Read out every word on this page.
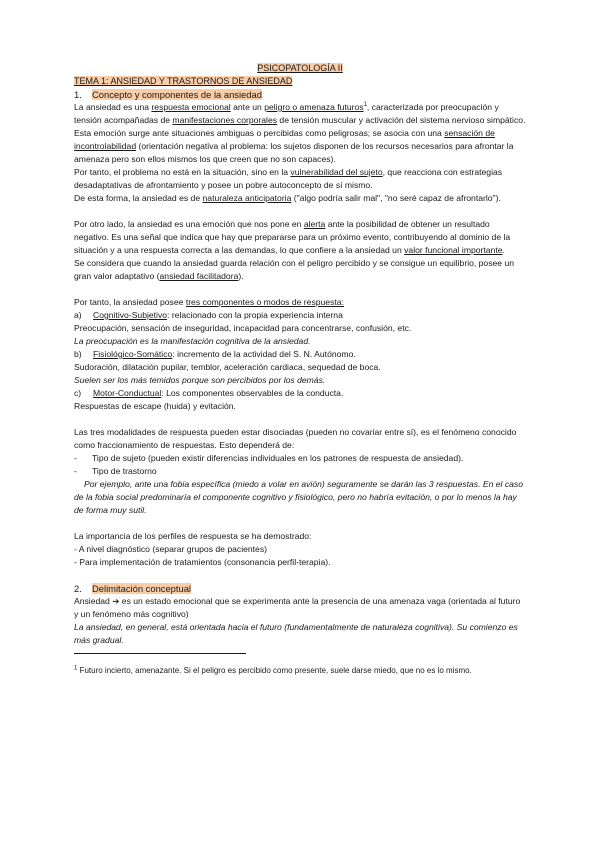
PSICOPATOLOGÍA II

TEMA 1: ANSIEDAD Y TRASTORNOS DE ANSIEDAD

1. Concepto y componentes de la ansiedad

La ansiedad es una respuesta emocional ante un peligro o amenaza futuros$^1$, caracterizada por preocupación y tensión acompañadas de manifestaciones corporales de tensión muscular y activación del sistema nervioso simpático.

Esta emoción surge ante situaciones ambiguas o percibidas como peligrosas; se asocia con una sensación de incontrolabilidad (orientación negativa al problema: los sujetos disponen de los recursos necesarios para afrontar la amenaza pero son ellos mismos los que creen que no son capaces).

Por tanto, el problema no está en la situación, sino en la vulnerabilidad del sujeto, que reacciona con estrategias desadaptativas de afrontamiento y posee un pobre autoconcepto de sí mismo.

De esta forma, la ansiedad es de naturaleza anticipatoria ("algo podría salir mal", "no seré capaz de afrontarlo").

Por otro lado, la ansiedad es una emoción que nos pone en alerta ante la posibilidad de obtener un resultado negativo. Es una señal que indica que hay que prepararse para un próximo evento, contribuyendo al dominio de la situación y a una respuesta correcta a las demandas, lo que confiere a la ansiedad un valor funcional importante.

Se considera que cuando la ansiedad guarda relación con el peligro percibido y se consigue un equilibrio, posee un gran valor adaptativo (ansiedad facilitadora).

Por tanto, la ansiedad posee tres componentes o modos de respuesta:

a) Cognitivo-Subjetivo: relacionado con la propia experiencia interna

Preocupación, sensación de inseguridad, incapacidad para concentrarse, confusión, etc.

La preocupación es la manifestación cognitiva de la ansiedad.

b) Fisiológico-Somático: incremento de la actividad del S. N. Autónomo.

Sudoración, dilatación pupilar, temblor, aceleración cardiaca, sequedad de boca.

Suelen ser los más temidos porque son percibidos por los demás.

c) Motor-Conductual: Los componentes observables de la conducta.

Respuestas de escape (huida) y evitación.

Las tres modalidades de respuesta pueden estar disociadas (pueden no covariar entre sí), es el fenómeno conocido como fraccionamiento de respuestas. Esto dependerá de:

- Tipo de sujeto (pueden existir diferencias individuales en los patrones de respuesta de ansiedad).

- Tipo de trastorno

Por ejemplo, ante una fobia específica (miedo a volar en avión) seguramente se darán las 3 respuestas. En el caso de la fobia social predominaría el componente cognitivo y fisiológico, pero no habría evitación, o por lo menos la hay de forma muy sutil.

La importancia de los perfiles de respuesta se ha demostrado:

- A nivel diagnóstico (separar grupos de pacientes)

- Para implementación de tratamientos (consonancia perfil-terapia).

2. Delimitación conceptual

Ansiedad ➔ es un estado emocional que se experimenta ante la presencia de una amenaza vaga (orientada al futuro y un fenómeno más cognitivo)

La ansiedad, en general, está orientada hacia el futuro (fundamentalmente de naturaleza cognitiva). Su comienzo es más gradual.

$^1$ Futuro incierto, amenazante. Si el peligro es percibido como presente, suele darse miedo, que no es lo mismo.
